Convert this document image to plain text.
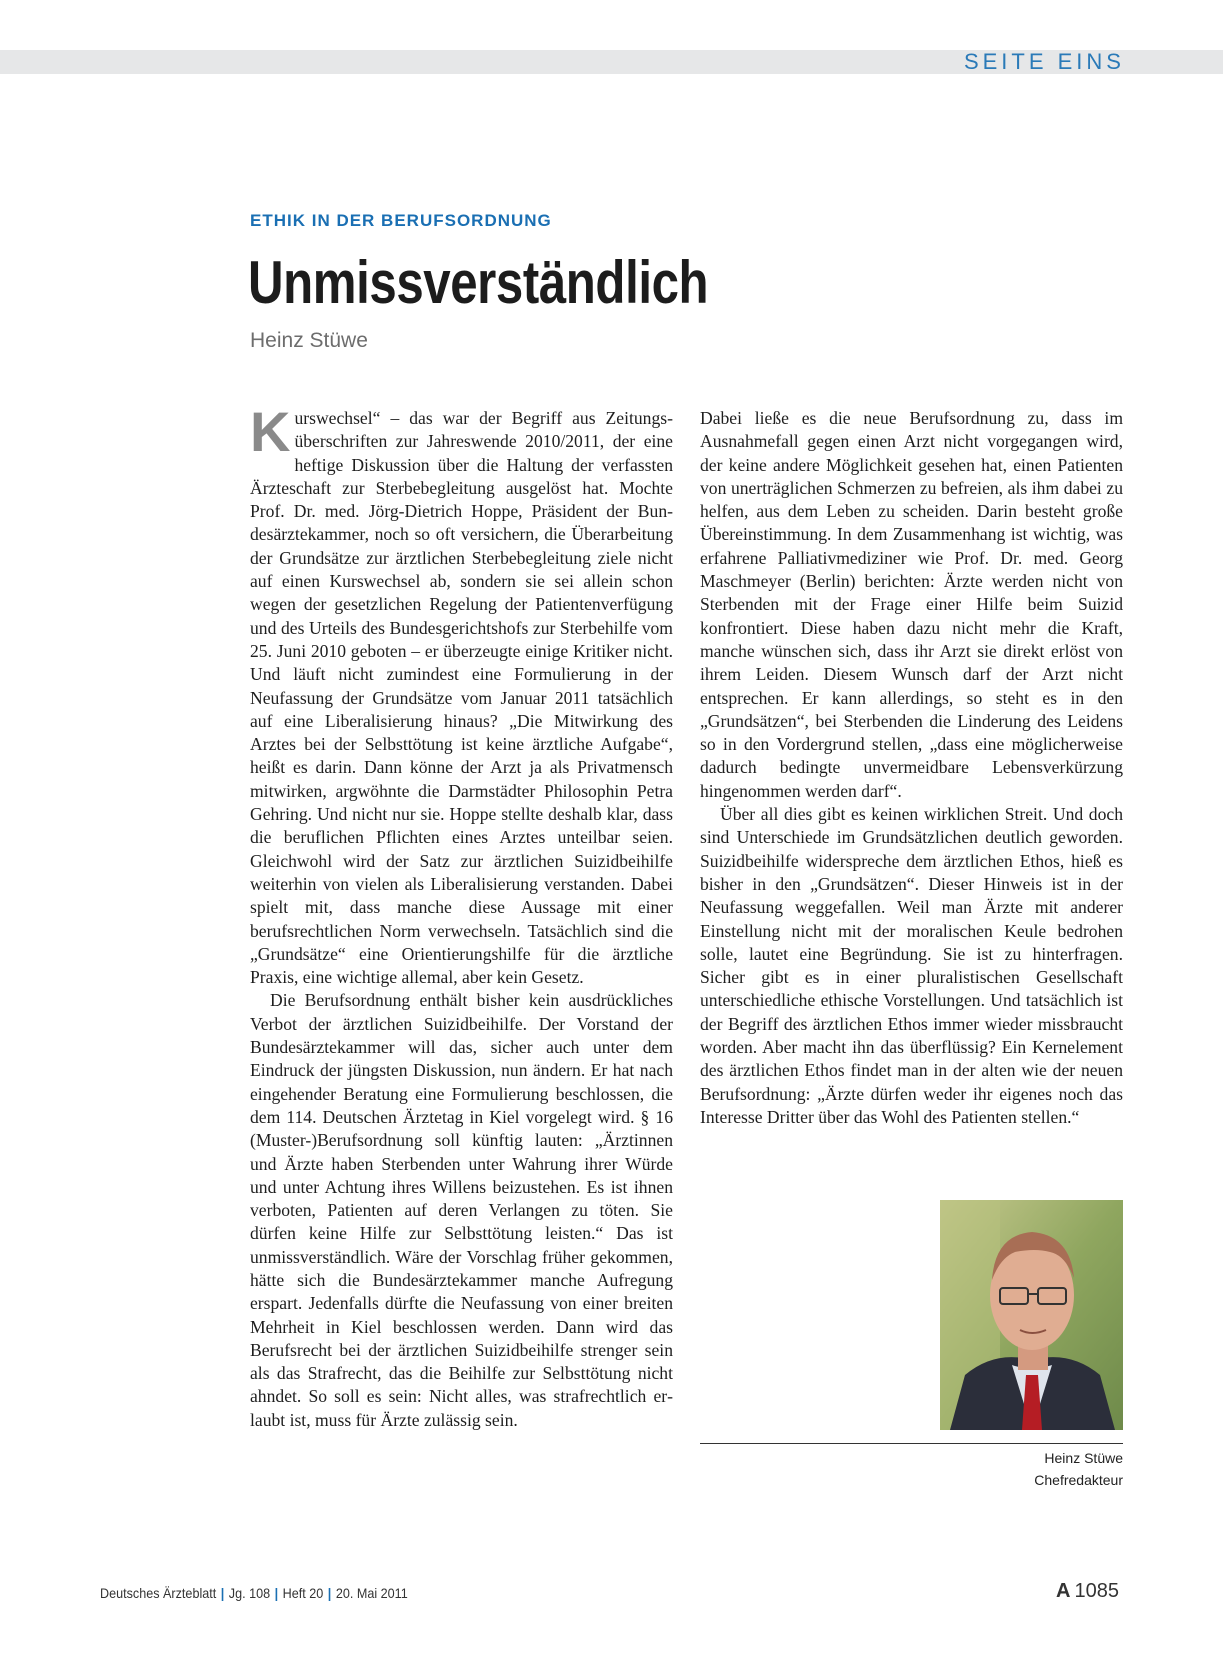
SEITE EINS
ETHIK IN DER BERUFSORDNUNG
Unmissverständlich
Heinz Stüwe

Kurswechsel“ – das war der Begriff aus Zeitungsüberschriften zur Jahreswende 2010/2011, der eine heftige Diskussion über die Haltung der verfassten Ärzteschaft zur Sterbebegleitung ausgelöst hat. Mochte Prof. Dr. med. Jörg-Dietrich Hoppe, Präsident der Bundesärztekammer, noch so oft versichern, die Überarbeitung der Grundsätze zur ärztlichen Sterbebegleitung ziele nicht auf einen Kurswechsel ab, sondern sie sei allein schon wegen der gesetzlichen Regelung der Patientenverfügung und des Urteils des Bundesgerichtshofs zur Sterbehilfe vom 25. Juni 2010 geboten – er überzeugte einige Kritiker nicht. Und läuft nicht zumindest eine Formulierung in der Neufassung der Grundsätze vom Januar 2011 tatsächlich auf eine Liberalisierung hinaus? „Die Mitwirkung des Arztes bei der Selbsttötung ist keine ärztliche Aufgabe“, heißt es darin. Dann könne der Arzt ja als Privatmensch mitwirken, argwöhnte die Darmstädter Philosophin Petra Gehring. Und nicht nur sie. Hoppe stellte deshalb klar, dass die beruflichen Pflichten eines Arztes unteilbar seien. Gleichwohl wird der Satz zur ärztlichen Suizidbeihilfe weiterhin von vielen als Liberalisierung verstanden. Dabei spielt mit, dass manche diese Aussage mit einer berufsrechtlichen Norm verwechseln. Tatsächlich sind die „Grundsätze“ eine Orientierungshilfe für die ärztliche Praxis, eine wichtige allemal, aber kein Gesetz.

Die Berufsordnung enthält bisher kein ausdrückliches Verbot der ärztlichen Suizidbeihilfe. Der Vorstand der Bundesärztekammer will das, sicher auch unter dem Eindruck der jüngsten Diskussion, nun ändern. Er hat nach eingehender Beratung eine Formulierung beschlossen, die dem 114. Deutschen Ärztetag in Kiel vorgelegt wird. § 16 (Muster-)Berufsordnung soll künftig lauten: „Ärztinnen und Ärzte haben Sterbenden unter Wahrung ihrer Würde und unter Achtung ihres Willens beizustehen. Es ist ihnen verboten, Patienten auf deren Verlangen zu töten. Sie dürfen keine Hilfe zur Selbsttötung leisten.“ Das ist unmissverständlich. Wäre der Vorschlag früher gekommen, hätte sich die Bundesärztekammer manche Aufregung erspart. Jedenfalls dürfte die Neufassung von einer breiten Mehrheit in Kiel beschlossen werden. Dann wird das Berufsrecht bei der ärztlichen Suizidbeihilfe strenger sein als das Strafrecht, das die Beihilfe zur Selbsttötung nicht ahndet. So soll es sein: Nicht alles, was strafrechtlich erlaubt ist, muss für Ärzte zulässig sein.

Dabei ließe es die neue Berufsordnung zu, dass im Ausnahmefall gegen einen Arzt nicht vorgegangen wird, der keine andere Möglichkeit gesehen hat, einen Patienten von unerträglichen Schmerzen zu befreien, als ihm dabei zu helfen, aus dem Leben zu scheiden. Darin besteht große Übereinstimmung. In dem Zusammenhang ist wichtig, was erfahrene Palliativmediziner wie Prof. Dr. med. Georg Maschmeyer (Berlin) berichten: Ärzte werden nicht von Sterbenden mit der Frage einer Hilfe beim Suizid konfrontiert. Diese haben dazu nicht mehr die Kraft, manche wünschen sich, dass ihr Arzt sie direkt erlöst von ihrem Leiden. Diesem Wunsch darf der Arzt nicht entsprechen. Er kann allerdings, so steht es in den „Grundsätzen“, bei Sterbenden die Linderung des Leidens so in den Vordergrund stellen, „dass eine möglicherweise dadurch bedingte unvermeidbare Lebensverkürzung hingenommen werden darf“.

Über all dies gibt es keinen wirklichen Streit. Und doch sind Unterschiede im Grundsätzlichen deutlich geworden. Suizidbeihilfe widerspreche dem ärztlichen Ethos, hieß es bisher in den „Grundsätzen“. Dieser Hinweis ist in der Neufassung weggefallen. Weil man Ärzte mit anderer Einstellung nicht mit der moralischen Keule bedrohen solle, lautet eine Begründung. Sie ist zu hinterfragen. Sicher gibt es in einer pluralistischen Gesellschaft unterschiedliche ethische Vorstellungen. Und tatsächlich ist der Begriff des ärztlichen Ethos immer wieder missbraucht worden. Aber macht ihn das überflüssig? Ein Kernelement des ärztlichen Ethos findet man in der alten wie der neuen Berufsordnung: „Ärzte dürfen weder ihr eigenes noch das Interesse Dritter über das Wohl des Patienten stellen.“

Heinz Stüwe
Chefredakteur
Deutsches Ärzteblatt | Jg. 108 | Heft 20 | 20. Mai 2011	A 1085
